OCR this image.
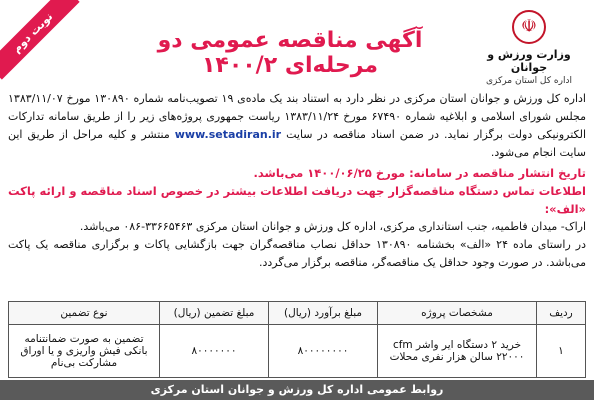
نوبت دوم	آگهی مناقصه عمومی دو مرحله‌ای ۱۴۰۰/۲
☫
وزارت ورزش و جوانان
اداره کل استان مرکزی

اداره کل ورزش و جوانان استان مرکزی در نظر دارد به استناد بند یک ماده‌ی ۱۹ تصویب‌نامه شماره ۱۳۰۸۹۰ مورخ ۱۳۸۳/۱۱/۰۷ مجلس شورای اسلامی و ابلاغیه شماره ۶۷۴۹۰ مورخ ۱۳۸۳/۱۱/۲۴ ریاست جمهوری پروژه‌های زیر را از طریق سامانه تدارکات الکترونیکی دولت برگزار نماید. در ضمن اسناد مناقصه در سایت www.setadiran.ir منتشر و کلیه مراحل از طریق این سایت انجام می‌شود.

تاریخ انتشار مناقصه در سامانه: مورخ ۱۴۰۰/۰۶/۲۵ می‌باشد.

اطلاعات تماس دستگاه مناقصه‌گزار جهت دریافت اطلاعات بیشتر در خصوص اسناد مناقصه و ارائه پاکت «الف»:

اراک- میدان فاطمیه، جنب استانداری مرکزی، اداره کل ورزش و جوانان استان مرکزی ۳۳۶۶۵۴۶۳-۰۸۶ می‌باشد.

در راستای ماده ۲۴ «الف» بخشنامه ۱۳۰۸۹۰ حداقل نصاب مناقصه‌گران جهت بازگشایی پاکات و برگزاری مناقصه یک پاکت می‌باشد. در صورت وجود حداقل یک مناقصه‌گر، مناقصه برگزار می‌گردد.

ردیف	مشخصات پروژه	مبلغ برآورد (ریال)	مبلغ تضمین (ریال)	نوع تضمین
۱	خرید ۲ دستگاه ایر واشر cfm ۲۲۰۰۰ سالن هزار نفری محلات	۸۰۰۰۰۰۰۰۰	۸۰۰۰۰۰۰۰	تضمین به صورت ضمانتنامه بانکی فیش واریزی و یا اوراق مشارکت بی‌نام
روابط عمومی اداره کل ورزش و جوانان استان مرکزی
